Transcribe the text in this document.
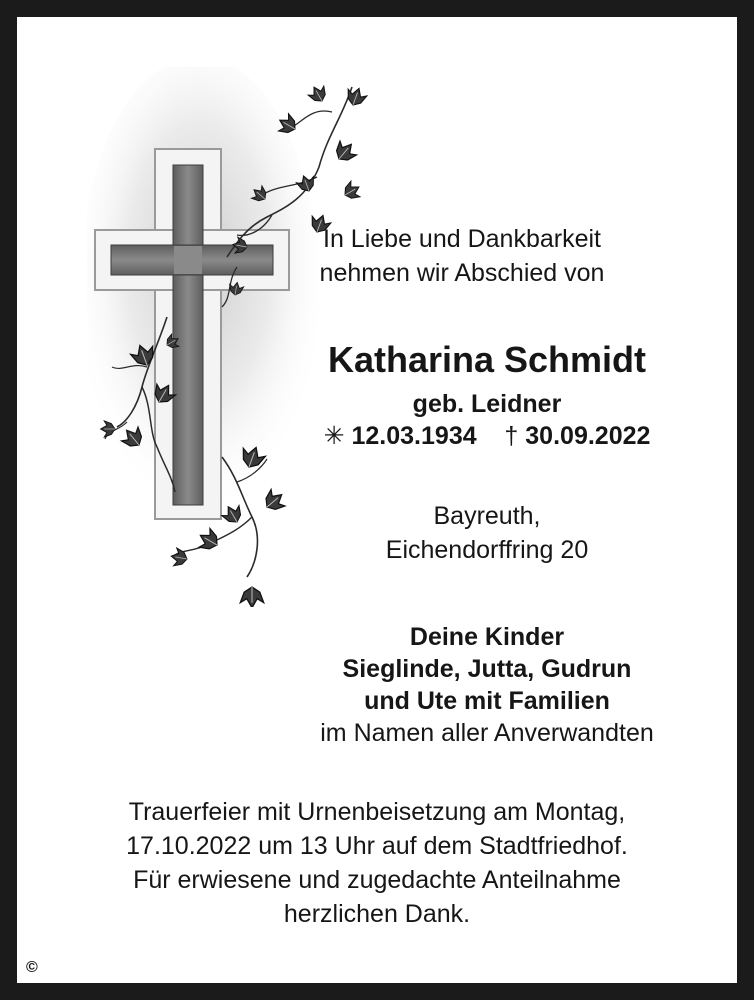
In Liebe und Dankbarkeit
nehmen wir Abschied von
Katharina Schmidt
geb. Leidner
✳ 12.03.1934 † 30.09.2022
Bayreuth,
Eichendorffring 20
Deine Kinder
Sieglinde, Jutta, Gudrun
und Ute mit Familien
im Namen aller Anverwandten
Trauerfeier mit Urnenbeisetzung am Montag,
17.10.2022 um 13 Uhr auf dem Stadtfriedhof.
Für erwiesene und zugedachte Anteilnahme
herzlichen Dank.
©
